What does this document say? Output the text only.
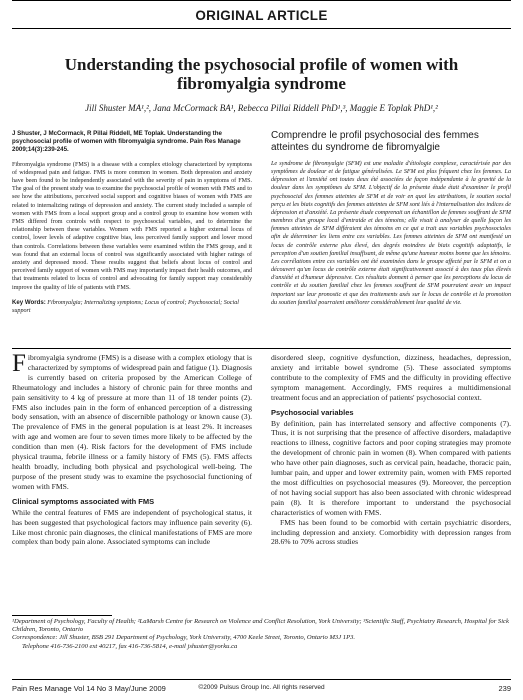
ORIGINAL ARTICLE
Understanding the psychosocial profile of women with fibromyalgia syndrome
Jill Shuster MA¹,², Jana McCormack BA¹, Rebecca Pillai Riddell PhD¹,³, Maggie E Toplak PhD¹,²

J Shuster, J McCormack, R Pillai Riddell, ME Toplak. Understanding the psychosocial profile of women with fibromyalgia syndrome. Pain Res Manage 2009;14(3):239-245.

Fibromyalgia syndrome (FMS) is a disease with a complex etiology characterized by symptoms of widespread pain and fatigue. FMS is more common in women. Both depression and anxiety have been found to be independently associated with the severity of pain in symptoms of FMS. The goal of the present study was to examine the psychosocial profile of women with FMS and to see how the attributions, perceived social support and cognitive biases of women with FMS are related to internalizing ratings of depression and anxiety. The current study included a sample of women with FMS from a local support group and a control group to examine how women with FMS differed from controls with respect to psychosocial variables, and to determine the relationship between these variables. Women with FMS reported a higher external locus of control, lower levels of adaptive cognitive bias, less perceived family support and lower mood than controls. Correlations between these variables were examined within the FMS group, and it was found that an external locus of control was significantly associated with higher ratings of anxiety and depressed mood. These results suggest that beliefs about locus of control and perceived family support of women with FMS may importantly impact their health outcomes, and that treatments related to locus of control and advocating for family support may considerably improve the quality of life of patients with FMS.

Key Words: Fibromyalgia; Internalizing symptoms; Locus of control; Psychosocial; Social support

Comprendre le profil psychosocial des femmes atteintes du syndrome de fibromyalgie

Le syndrome de fibromyalgie (SFM) est une maladie d'étiologie complexe, caractérisée par des symptômes de douleur et de fatigue généralisées. Le SFM est plus fréquent chez les femmes. La dépression et l'anxiété ont toutes deux été associées de façon indépendante à la gravité de la douleur dans les symptômes du SFM. L'objectif de la présente étude était d'examiner le profil psychosocial des femmes atteintes de SFM et de voir en quoi les attributions, le soutien social perçu et les biais cognitifs des femmes atteintes de SFM sont liés à l'internalisation des indices de dépression et d'anxiété. La présente étude comprenait un échantillon de femmes souffrant de SFM membres d'un groupe local d'entraide et des témoins; elle visait à analyser de quelle façon les femmes atteintes de SFM différaient des témoins en ce qui a trait aux variables psychosociales afin de déterminer les liens entre ces variables. Les femmes atteintes de SFM ont manifesté un locus de contrôle externe plus élevé, des degrés moindres de biais cognitifs adaptatifs, le perception d'un soutien familial insuffisant, de même qu'une humeur moins bonne que les témoins. Les corrélations entre ces variables ont été examinées dans le groupe affecté par le SFM et on a découvert qu'un locus de contrôle externe était significativement associé à des taux plus élevés d'anxiété et d'humeur dépressive. Ces résultats donnent à penser que les perceptions du locus de contrôle et du soutien familial chez les femmes souffrant de SFM pourraient avoir un impact important sur leur pronostic et que des traitements axés sur le locus de contrôle et la promotion du soutien familial pourraient améliorer considérablement leur qualité de vie.

Fibromyalgia syndrome (FMS) is a disease with a complex etiology that is characterized by symptoms of widespread pain and fatigue (1). Diagnosis is currently based on criteria proposed by the American College of Rheumatology and includes a history of chronic pain for three months and pain sensitivity to 4 kg of pressure at more than 11 of 18 tender points (2). FMS also includes pain in the form of enhanced perception of a distressing body sensation, with an absence of discernible pathology or known cause (3). The prevalence of FMS in the general population is at least 2%. It increases with age and women are four to seven times more likely to be affected by the condition than men (4). Risk factors for the development of FMS include physical trauma, febrile illness or a family history of FMS (5). FMS affects health broadly, including both physical and psychological well-being. The purpose of the present study was to examine the psychosocial functioning of women with FMS.

Clinical symptoms associated with FMS

While the central features of FMS are independent of psychological status, it has been suggested that psychological factors may influence pain severity (6). Like most chronic pain diagnoses, the clinical manifestations of FMS are more complex than body pain alone. Associated symptoms can include

disordered sleep, cognitive dysfunction, dizziness, headaches, depression, anxiety and irritable bowel syndrome (5). These associated symptoms contribute to the complexity of FMS and the difficulty in providing effective symptom management. Accordingly, FMS requires a multidimensional treatment focus and an appreciation of patients' psychosocial context.

Psychosocial variables

By definition, pain has interrelated sensory and affective components (7). Thus, it is not surprising that the presence of affective disorders, maladaptive reactions to illness, cognitive factors and poor coping strategies may promote the development of chronic pain in women (8). When compared with patients who have other pain diagnoses, such as cervical pain, headache, thoracic pain, lumbar pain, and upper and lower extremity pain, women with FMS reported the most difficulties on psychosocial measures (9). Moreover, the perception of not having social support has also been associated with chronic widespread pain (8). It is therefore important to understand the psychosocial characteristics of women with FMS.

FMS has been found to be comorbid with certain psychiatric disorders, including depression and anxiety. Comorbidity with depression ranges from 28.6% to 70% across studies

¹Department of Psychology, Faculty of Health; ²LaMarsh Centre for Research on Violence and Conflict Resolution, York University; ³Scientific Staff, Psychiatry Research, Hospital for Sick Children, Toronto, Ontario

Correspondence: Jill Shuster, BSB 291 Department of Psychology, York University, 4700 Keele Street, Toronto, Ontario M3J 1P3.

Telephone 416-736-2100 ext 40217, fax 416-736-5814, e-mail jshuster@yorku.ca

Pain Res Manage Vol 14 No 3 May/June 2009	©2009 Pulsus Group Inc. All rights reserved	239
